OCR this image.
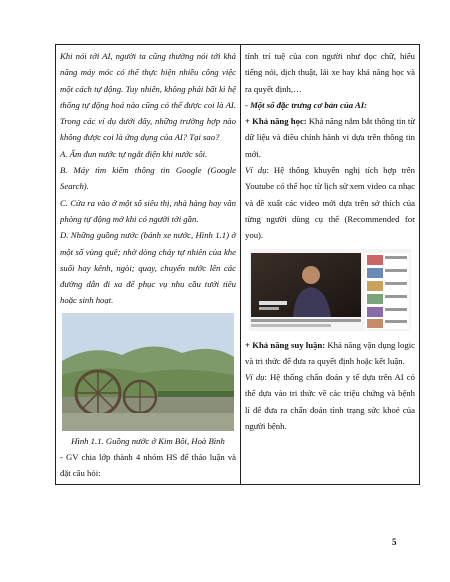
Khi nói tới AI, người ta cũng thường nói tới khả năng máy móc có thể thực hiện nhiều công việc một cách tự động. Tuy nhiên, không phải bất kì hệ thống tự động hoá nào cũng có thể được coi là AI. Trong các ví dụ dưới đây, những trường hợp nào không được coi là ứng dụng của AI? Tại sao?

A. Ấm đun nước tự ngắt điện khi nước sôi.

B. Máy tìm kiếm thông tin Google (Google Search).

C. Cửa ra vào ở một số siêu thị, nhà hàng hay văn phòng tự động mở khi có người tới gần.

D. Những guồng nước (bánh xe nước, Hình 1.1) ở một số vùng quê; nhờ dòng chảy tự nhiên của khe suối hay kênh, ngòi; quay, chuyển nước lên các đường dẫn đi xa để phục vụ nhu cầu tưới tiêu hoặc sinh hoạt.

Hình 1.1. Guồng nước ở Kim Bôi, Hoà Bình

- GV chia lớp thành 4 nhóm HS để thảo luận và đặt câu hỏi:

tính trí tuệ của con người như đọc chữ, hiểu tiếng nói, dịch thuật, lái xe hay khả năng học và ra quyết định,…

- Một số đặc trưng cơ bản của AI:

+ Khả năng học: Khả năng nắm bắt thông tin từ dữ liệu và điều chỉnh hành vi dựa trên thông tin mới.

Ví dụ: Hệ thống khuyến nghị tích hợp trên Youtube có thể học từ lịch sử xem video ca nhạc và đề xuất các video mới dựa trên sở thích của từng người dùng cụ thể (Recommended for you).

+ Khả năng suy luận: Khả năng vận dụng logic và tri thức để đưa ra quyết định hoặc kết luận.

Ví dụ: Hệ thống chẩn đoán y tế dựa trên AI có thể dựa vào tri thức về các triệu chứng và bệnh lí để đưa ra chẩn đoán tình trạng sức khoẻ của người bệnh.

5
